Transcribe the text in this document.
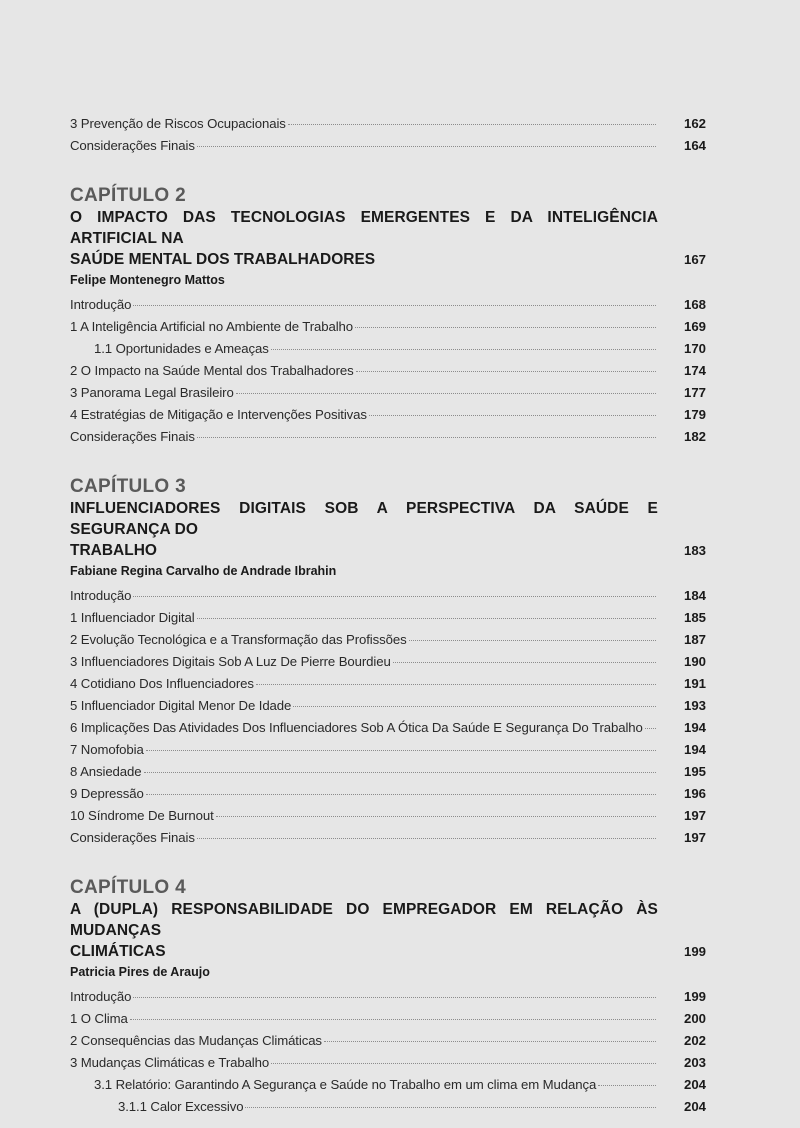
3 Prevenção de Riscos Ocupacionais	162
Considerações Finais	164
CAPÍTULO 2
O IMPACTO DAS TECNOLOGIAS EMERGENTES E DA INTELIGÊNCIA ARTIFICIAL NA
SAÚDE MENTAL DOS TRABALHADORES	167
Felipe Montenegro Mattos
Introdução	168
1 A Inteligência Artificial no Ambiente de Trabalho	169
1.1 Oportunidades e Ameaças	170
2 O Impacto na Saúde Mental dos Trabalhadores	174
3 Panorama Legal Brasileiro	177
4 Estratégias de Mitigação e Intervenções Positivas	179
Considerações Finais	182
CAPÍTULO 3
INFLUENCIADORES DIGITAIS SOB A PERSPECTIVA DA SAÚDE E SEGURANÇA DO
TRABALHO	183
Fabiane Regina Carvalho de Andrade Ibrahin
Introdução	184
1 Influenciador Digital	185
2 Evolução Tecnológica e a Transformação das Profissões	187
3 Influenciadores Digitais Sob A Luz De Pierre Bourdieu	190
4 Cotidiano Dos Influenciadores	191
5 Influenciador Digital Menor De Idade	193
6 Implicações Das Atividades Dos Influenciadores Sob A Ótica Da Saúde E Segurança Do Trabalho	194
7 Nomofobia	194
8 Ansiedade	195
9 Depressão	196
10 Síndrome De Burnout	197
Considerações Finais	197
CAPÍTULO 4
A (DUPLA) RESPONSABILIDADE DO EMPREGADOR EM RELAÇÃO ÀS MUDANÇAS
CLIMÁTICAS	199
Patricia Pires de Araujo
Introdução	199
1 O Clima	200
2 Consequências das Mudanças Climáticas	202
3 Mudanças Climáticas e Trabalho	203
3.1 Relatório: Garantindo A Segurança e Saúde no Trabalho em um clima em Mudança	204
3.1.1 Calor Excessivo	204
